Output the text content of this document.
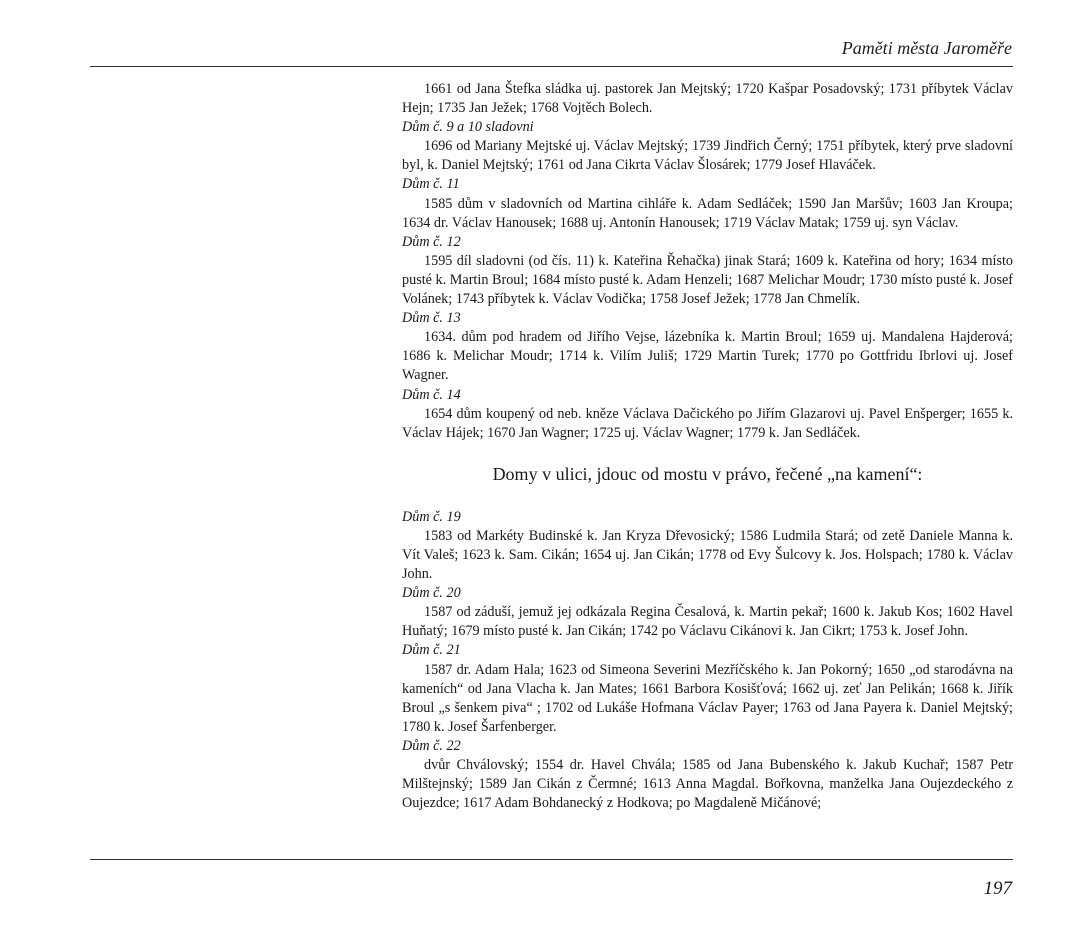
Paměti města Jaroměře

1661 od Jana Štefka sládka uj. pastorek Jan Mejtský; 1720 Kašpar Posadovský; 1731 příbytek Václav Hejn; 1735 Jan Ježek; 1768 Vojtěch Bolech.

Dům č. 9 a 10 sladovni

1696 od Mariany Mejtské uj. Václav Mejtský; 1739 Jindřich Černý; 1751 příbytek, který prve sladovní byl, k. Daniel Mejtský; 1761 od Jana Cikrta Václav Šlosárek; 1779 Josef Hlaváček.

Dům č. 11

1585 dům v sladovních od Martina cihláře k. Adam Sedláček; 1590 Jan Maršův; 1603 Jan Kroupa; 1634 dr. Václav Hanousek; 1688 uj. Antonín Hanousek; 1719 Václav Matak; 1759 uj. syn Václav.

Dům č. 12

1595 díl sladovni (od čís. 11) k. Kateřina Řehačka) jinak Stará; 1609 k. Kateřina od hory; 1634 místo pusté k. Martin Broul; 1684 místo pusté k. Adam Henzeli; 1687 Melichar Moudr; 1730 místo pusté k. Josef Volánek; 1743 příbytek k. Václav Vodička; 1758 Josef Ježek; 1778 Jan Chmelík.

Dům č. 13

1634. dům pod hradem od Jiřího Vejse, lázebníka k. Martin Broul; 1659 uj. Mandalena Hajderová; 1686 k. Melichar Moudr; 1714 k. Vilím Juliš; 1729 Martin Turek; 1770 po Gottfridu Ibrlovi uj. Josef Wagner.

Dům č. 14

1654 dům koupený od neb. kněze Václava Dačického po Jiřím Glazarovi uj. Pavel Enšperger; 1655 k. Václav Hájek; 1670 Jan Wagner; 1725 uj. Václav Wagner; 1779 k. Jan Sedláček.

Domy v ulici, jdouc od mostu v právo, řečené „na kamení“:

Dům č. 19

1583 od Markéty Budinské k. Jan Kryza Dřevosický; 1586 Ludmila Stará; od zetě Daniele Manna k. Vít Valeš; 1623 k. Sam. Cikán; 1654 uj. Jan Cikán; 1778 od Evy Šulcovy k. Jos. Holspach; 1780 k. Václav John.

Dům č. 20

1587 od záduší, jemuž jej odkázala Regina Česalová, k. Martin pekař; 1600 k. Jakub Kos; 1602 Havel Huňatý; 1679 místo pusté k. Jan Cikán; 1742 po Václavu Cikánovi k. Jan Cikrt; 1753 k. Josef John.

Dům č. 21

1587 dr. Adam Hala; 1623 od Simeona Severini Mezříčského k. Jan Pokorný; 1650 „od starodávna na kameních“ od Jana Vlacha k. Jan Mates; 1661 Barbora Kosišťová; 1662 uj. zeť Jan Pelikán; 1668 k. Jiřík Broul „s šenkem piva“ ; 1702 od Lukáše Hofmana Václav Payer; 1763 od Jana Payera k. Daniel Mejtský; 1780 k. Josef Šarfenberger.

Dům č. 22

dvůr Chválovský; 1554 dr. Havel Chvála; 1585 od Jana Bubenského k. Jakub Kuchař; 1587 Petr Milštejnský; 1589 Jan Cikán z Čermné; 1613 Anna Magdal. Bořkovna, manželka Jana Oujezdeckého z Oujezdce; 1617 Adam Bohdanecký z Hodkova; po Magdaleně Mičánové;

197
